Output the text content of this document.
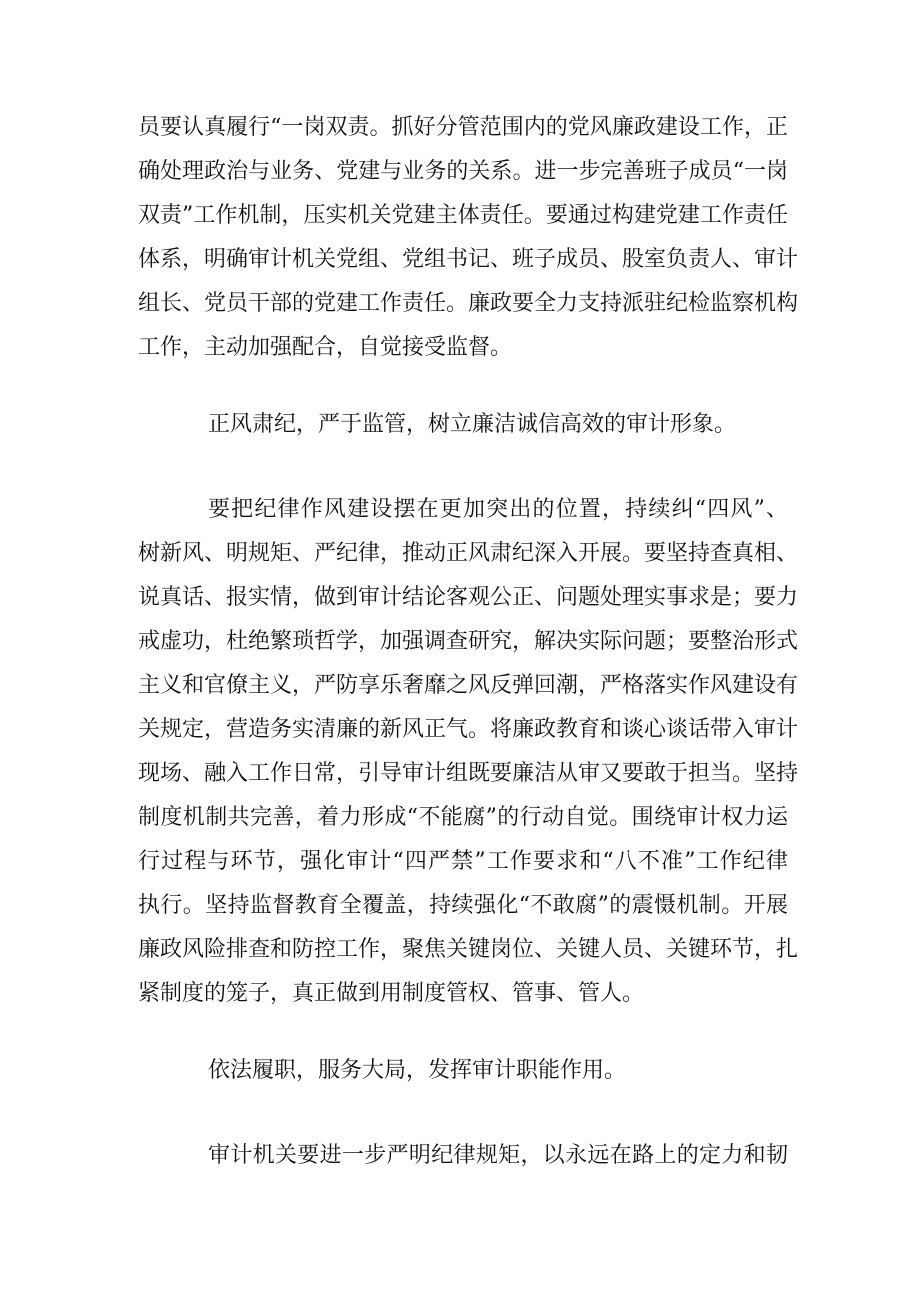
员要认真履行“一岗双责。抓好分管范围内的党风廉政建设工作，正
确处理政治与业务、党建与业务的关系。进一步完善班子成员“一岗
双责”工作机制，压实机关党建主体责任。要通过构建党建工作责任
体系，明确审计机关党组、党组书记、班子成员、股室负责人、审计
组长、党员干部的党建工作责任。廉政要全力支持派驻纪检监察机构
工作，主动加强配合，自觉接受监督。
正风肃纪，严于监管，树立廉洁诚信高效的审计形象。
要把纪律作风建设摆在更加突出的位置，持续纠“四风”、
树新风、明规矩、严纪律，推动正风肃纪深入开展。要坚持查真相、
说真话、报实情，做到审计结论客观公正、问题处理实事求是；要力
戒虚功，杜绝繁琐哲学，加强调查研究，解决实际问题；要整治形式
主义和官僚主义，严防享乐奢靡之风反弹回潮，严格落实作风建设有
关规定，营造务实清廉的新风正气。将廉政教育和谈心谈话带入审计
现场、融入工作日常，引导审计组既要廉洁从审又要敢于担当。坚持
制度机制共完善，着力形成“不能腐”的行动自觉。围绕审计权力运
行过程与环节，强化审计“四严禁”工作要求和“八不准”工作纪律
执行。坚持监督教育全覆盖，持续强化“不敢腐”的震慑机制。开展
廉政风险排查和防控工作，聚焦关键岗位、关键人员、关键环节，扎
紧制度的笼子，真正做到用制度管权、管事、管人。
依法履职，服务大局，发挥审计职能作用。
审计机关要进一步严明纪律规矩，以永远在路上的定力和韧
